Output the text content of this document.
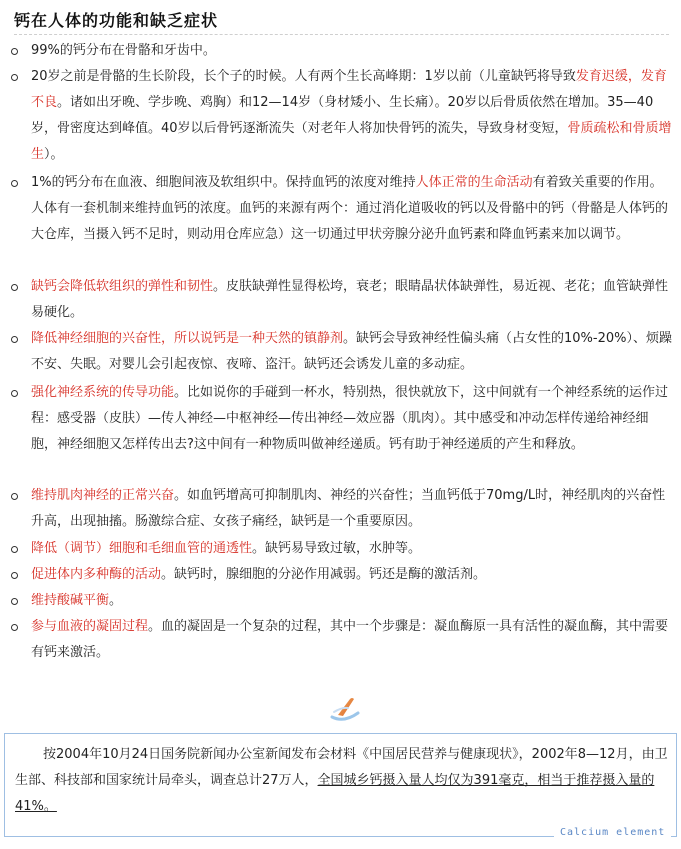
钙在人体的功能和缺乏症状
99%的钙分布在骨骼和牙齿中。
20岁之前是骨骼的生长阶段，长个子的时候。人有两个生长高峰期：1岁以前（儿童缺钙将导致发育迟缓，发育不良。诸如出牙晚、学步晚、鸡胸）和12—14岁（身材矮小、生长痛）。20岁以后骨质依然在增加。35—40岁，骨密度达到峰值。40岁以后骨钙逐渐流失（对老年人将加快骨钙的流失，导致身材变短，骨质疏松和骨质增生）。
1%的钙分布在血液、细胞间液及软组织中。保持血钙的浓度对维持人体正常的生命活动有着致关重要的作用。人体有一套机制来维持血钙的浓度。血钙的来源有两个：通过消化道吸收的钙以及骨骼中的钙（骨骼是人体钙的大仓库，当摄入钙不足时，则动用仓库应急）这一切通过甲状旁腺分泌升血钙素和降血钙素来加以调节。
缺钙会降低软组织的弹性和韧性。皮肤缺弹性显得松垮，衰老；眼睛晶状体缺弹性，易近视、老花；血管缺弹性易硬化。
降低神经细胞的兴奋性，所以说钙是一种天然的镇静剂。缺钙会导致神经性偏头痛（占女性的10%-20%）、烦躁不安、失眠。对婴儿会引起夜惊、夜啼、盗汗。缺钙还会诱发儿童的多动症。
强化神经系统的传导功能。比如说你的手碰到一杯水，特别热，很快就放下，这中间就有一个神经系统的运作过程：感受器（皮肤）—传人神经—中枢神经—传出神经—效应器（肌肉）。其中感受和冲动怎样传递给神经细胞，神经细胞又怎样传出去?这中间有一种物质叫做神经递质。钙有助于神经递质的产生和释放。
维持肌肉神经的正常兴奋。如血钙增高可抑制肌肉、神经的兴奋性；当血钙低于70mg/L时，神经肌肉的兴奋性升高，出现抽搐。肠激综合症、女孩子痛经，缺钙是一个重要原因。
降低（调节）细胞和毛细血管的通透性。缺钙易导致过敏，水肿等。
促进体内多种酶的活动。缺钙时，腺细胞的分泌作用减弱。钙还是酶的激活剂。
维持酸碱平衡。
参与血液的凝固过程。血的凝固是一个复杂的过程，其中一个步骤是：凝血酶原一具有活性的凝血酶，其中需要有钙来激活。
按2004年10月24日国务院新闻办公室新闻发布会材料《中国居民营养与健康现状》，2002年8—12月，由卫生部、科技部和国家统计局牵头，调查总计27万人，全国城乡钙摄入量人均仅为391毫克，相当于推荐摄入量的41%。
Calcium element
